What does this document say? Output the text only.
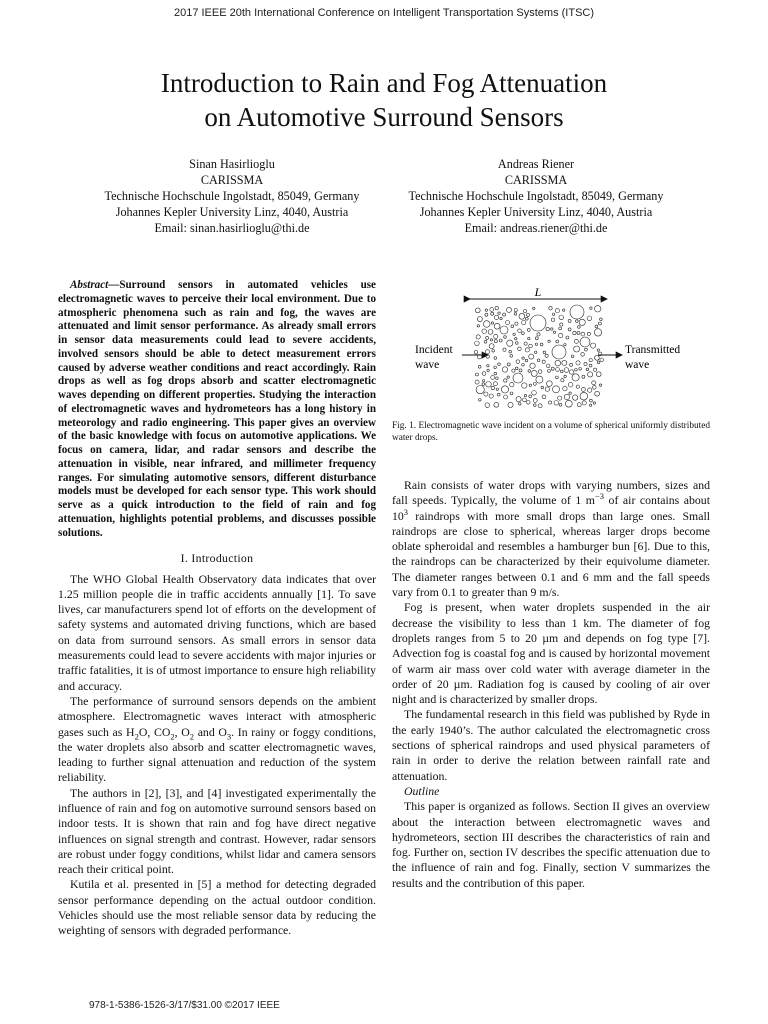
2017 IEEE 20th International Conference on Intelligent Transportation Systems (ITSC)
Introduction to Rain and Fog Attenuation
on Automotive Surround Sensors
Sinan Hasirlioglu
CARISSMA
Technische Hochschule Ingolstadt, 85049, Germany
Johannes Kepler University Linz, 4040, Austria
Email: sinan.hasirlioglu@thi.de
Andreas Riener
CARISSMA
Technische Hochschule Ingolstadt, 85049, Germany
Johannes Kepler University Linz, 4040, Austria
Email: andreas.riener@thi.de
Abstract—Surround sensors in automated vehicles use electromagnetic waves to perceive their local environment. Due to atmospheric phenomena such as rain and fog, the waves are attenuated and limit sensor performance. As already small errors in sensor data measurements could lead to severe accidents, involved sensors should be able to detect measurement errors caused by adverse weather conditions and react accordingly. Rain drops as well as fog drops absorb and scatter electromagnetic waves depending on different properties. Studying the interaction of electromagnetic waves and hydrometeors has a long history in meteorology and radio engineering. This paper gives an overview of the basic knowledge with focus on automotive applications. We focus on camera, lidar, and radar sensors and describe the attenuation in visible, near infrared, and millimeter frequency ranges. For simulating automotive sensors, different disturbance models must be developed for each sensor type. This work should serve as a quick introduction to the field of rain and fog attenuation, highlights potential problems, and discusses possible solutions.
I. Introduction

The WHO Global Health Observatory data indicates that over 1.25 million people die in traffic accidents annually [1]. To save lives, car manufacturers spend lot of efforts on the development of safety systems and automated driving functions, which are based on data from surround sensors. As small errors in sensor data measurements could lead to severe accidents with major injuries or traffic fatalities, it is of utmost importance to ensure high reliability and accuracy.

The performance of surround sensors depends on the ambient atmosphere. Electromagnetic waves interact with atmospheric gases such as $H_2O$, $CO_2$, $O_2$ and $O_3$. In rainy or foggy conditions, the water droplets also absorb and scatter electromagnetic waves, leading to further signal attenuation and reduction of the system reliability.

The authors in [2], [3], and [4] investigated experimentally the influence of rain and fog on automotive surround sensors based on indoor tests. It is shown that rain and fog have direct negative influences on signal strength and contrast. However, radar sensors are robust under foggy conditions, whilst lidar and camera sensors reach their critical point.

Kutila et al. presented in [5] a method for detecting degraded sensor performance depending on the actual outdoor condition. Vehicles should use the most reliable sensor data by reducing the weighting of sensors with degraded performance.

L
Incident
wave
Transmitted
wave
Fig. 1. Electromagnetic wave incident on a volume of spherical uniformly distributed water drops.

Rain consists of water drops with varying numbers, sizes and fall speeds. Typically, the volume of 1 $m^{-3}$ of air contains about $10^3$ raindrops with more small drops than large ones. Small raindrops are close to spherical, whereas larger drops become oblate spheroidal and resembles a hamburger bun [6]. Due to this, the raindrops can be characterized by their equivolume diameter. The diameter ranges between 0.1 and 6 mm and the fall speeds vary from 0.1 to greater than 9 m/s.

Fog is present, when water droplets suspended in the air decrease the visibility to less than 1 km. The diameter of fog droplets ranges from 5 to 20 µm and depends on fog type [7]. Advection fog is coastal fog and is caused by horizontal movement of warm air mass over cold water with average diameter in the order of 20 µm. Radiation fog is caused by cooling of air over night and is characterized by smaller drops.

The fundamental research in this field was published by Ryde in the early 1940’s. The author calculated the electromagnetic cross sections of spherical raindrops and used physical parameters of rain in order to derive the relation between rainfall rate and attenuation.

Outline

This paper is organized as follows. Section II gives an overview about the interaction between electromagnetic waves and hydrometeors, section III describes the characteristics of rain and fog. Further on, section IV describes the specific attenuation due to the influence of rain and fog. Finally, section V summarizes the results and the contribution of this paper.

978-1-5386-1526-3/17/$31.00 ©2017 IEEE
